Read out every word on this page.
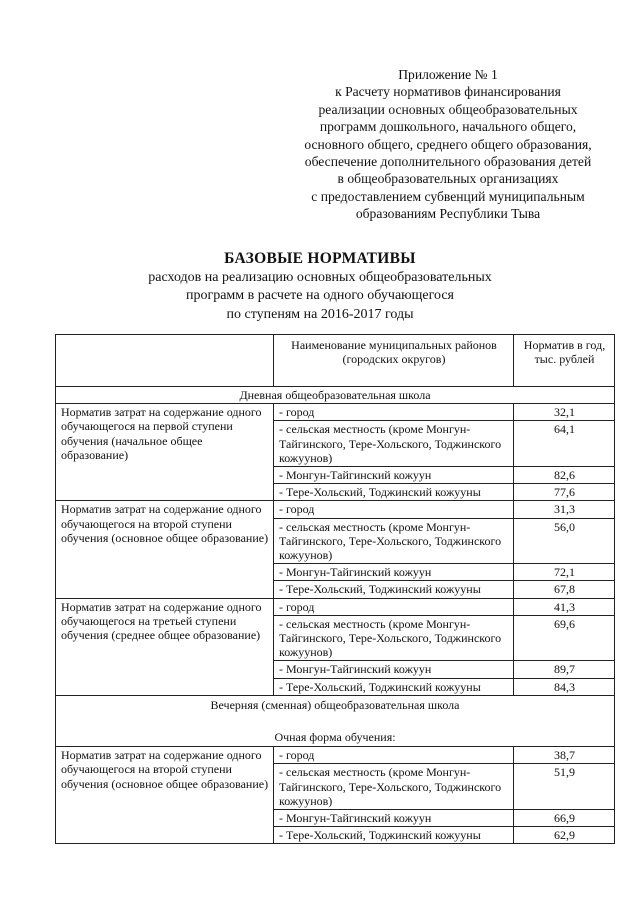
Приложение № 1
к Расчету нормативов финансирования
реализации основных общеобразовательных
программ дошкольного, начального общего,
основного общего, среднего общего образования,
обеспечение дополнительного образования детей
в общеобразовательных организациях
с предоставлением субвенций муниципальным
образованиям Республики Тыва
БАЗОВЫЕ НОРМАТИВЫ
расходов на реализацию основных общеобразовательных
программ в расчете на одного обучающегося
по ступеням на 2016-2017 годы
	Наименование муниципальных районов (городских округов)	Норматив в год, тыс. рублей
Дневная общеобразовательная школа		
Норматив затрат на содержание одного обучающегося на первой ступени обучения (начальное общее образование)	- город	32,1
	- сельская местность (кроме Монгун-Тайгинского, Тере-Хольского, Тоджинского кожуунов)	64,1
	- Монгун-Тайгинский кожуун	82,6
	- Тере-Хольский, Тоджинский кожууны	77,6
Норматив затрат на содержание одного обучающегося на второй ступени обучения (основное общее образование)	- город	31,3
	- сельская местность (кроме Монгун-Тайгинского, Тере-Хольского, Тоджинского кожуунов)	56,0
	- Монгун-Тайгинский кожуун	72,1
	- Тере-Хольский, Тоджинский кожууны	67,8
Норматив затрат на содержание одного обучающегося на третьей ступени обучения (среднее общее образование)	- город	41,3
	- сельская местность (кроме Монгун-Тайгинского, Тере-Хольского, Тоджинского кожуунов)	69,6
	- Монгун-Тайгинский кожуун	89,7
	- Тере-Хольский, Тоджинский кожууны	84,3

Вечерняя (сменная) общеобразовательная школа
Очная форма обучения:		

Норматив затрат на содержание одного обучающегося на второй ступени обучения (основное общее образование)	- город	38,7
	- сельская местность (кроме Монгун-Тайгинского, Тере-Хольского, Тоджинского кожуунов)	51,9
	- Монгун-Тайгинский кожуун	66,9
	- Тере-Хольский, Тоджинский кожууны	62,9
